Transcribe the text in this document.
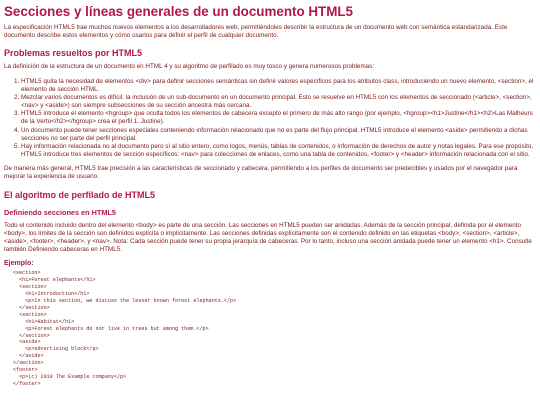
Secciones y líneas generales de un documento HTML5

La especificación HTML5 trae muchos nuevos elementos a los desarrolladores web, permitiéndoles describir la estructura de un documento web con semántica estandarizada. Este documento describe estos elementos y cómo usarlos para definir el perfil de cualquier documento.

Problemas resueltos por HTML5

La definición de la estructura de un documento en HTML 4 y su algoritmo de perfilado es muy tosco y genera numerosos problemas:

1. HTML5 quita la necesidad de elementos <div> para definir secciones semánticas sin definir valores específicos para los atributos class, introduciendo un nuevo elemento, <section>, el elemento de sección HTML.
2. Mezclar varios documentos es difícil: la inclusión de un sub-documento en un documento principal. Esto se resuelve en HTML5 con los elementos de seccionado (<article>, <section>, <nav> y <aside>) son siempre subsecciones de su sección ancestra más cercana.
3. HTML5 introduce el elemento <hgroup> que oculta todos los elementos de cabecera excepto el primero de más alto rango (por ejemplo, <hgroup><h1>Justine</h1><h2>Las Malheurs de la Vertu</h2></hgroup> crea el perfil 1. Justine).
4. Un documento puede tener secciones especiales conteniendo información relacionado que no es parte del flujo principal. HTML5 introduce el elemento <aside> permitiendo a dichas secciones no ser parte del perfil principal.
5. Hay información relacionada no al documento pero sí al sitio entero, como logos, menús, tablas de contenidos, o información de derechos de autor y notas legales. Para ese propósito, HTML5 introduce tres elementos de sección específicos: <nav> para colecciones de enlaces, como una tabla de contenidos, <footer> y <header> información relacionada con el sitio.

De manera más general, HTML5 trae precisión a las características de seccionado y cabecera, permitiendo a los perfiles de documento ser predecibles y usados por el navegador para mejorar la experiencia de usuario.

El algoritmo de perfilado de HTML5
Definiendo secciones en HTML5

Todo el contenido incluido dentro del elemento <body> es parte de una sección. Las secciones en HTML5 pueden ser anidadas. Además de la sección principal, definida por el elemento <body>, los límites de la sección son definidos explícita o implícitamente. Las secciones definidas explícitamente son el contenido definido en las etiquetas <body>, <section>, <article>, <aside>, <footer>, <header>, y <nav>. Nota: Cada sección puede tener su propia jerarquía de cabeceras. Por lo tanto, incluso una sección anidada puede tener un elemento <h1>. Consulte también Definiendo cabeceras en HTML5.

Ejemplo:
<section>
<h1>Forest elephants</h1>
<section>
<h1>Introduction</h1>
<p>In this section, we discuss the lesser known forest elephants.</p>
</section>
<section>
<h1>Habitat</h1>
<p>Forest elephants do not live in trees but among them.</p>
</section>
<aside>
<p>advertising block</p>
</aside>
</section>
<footer>
<p>(c) 2010 The Example company</p>
</footer>
